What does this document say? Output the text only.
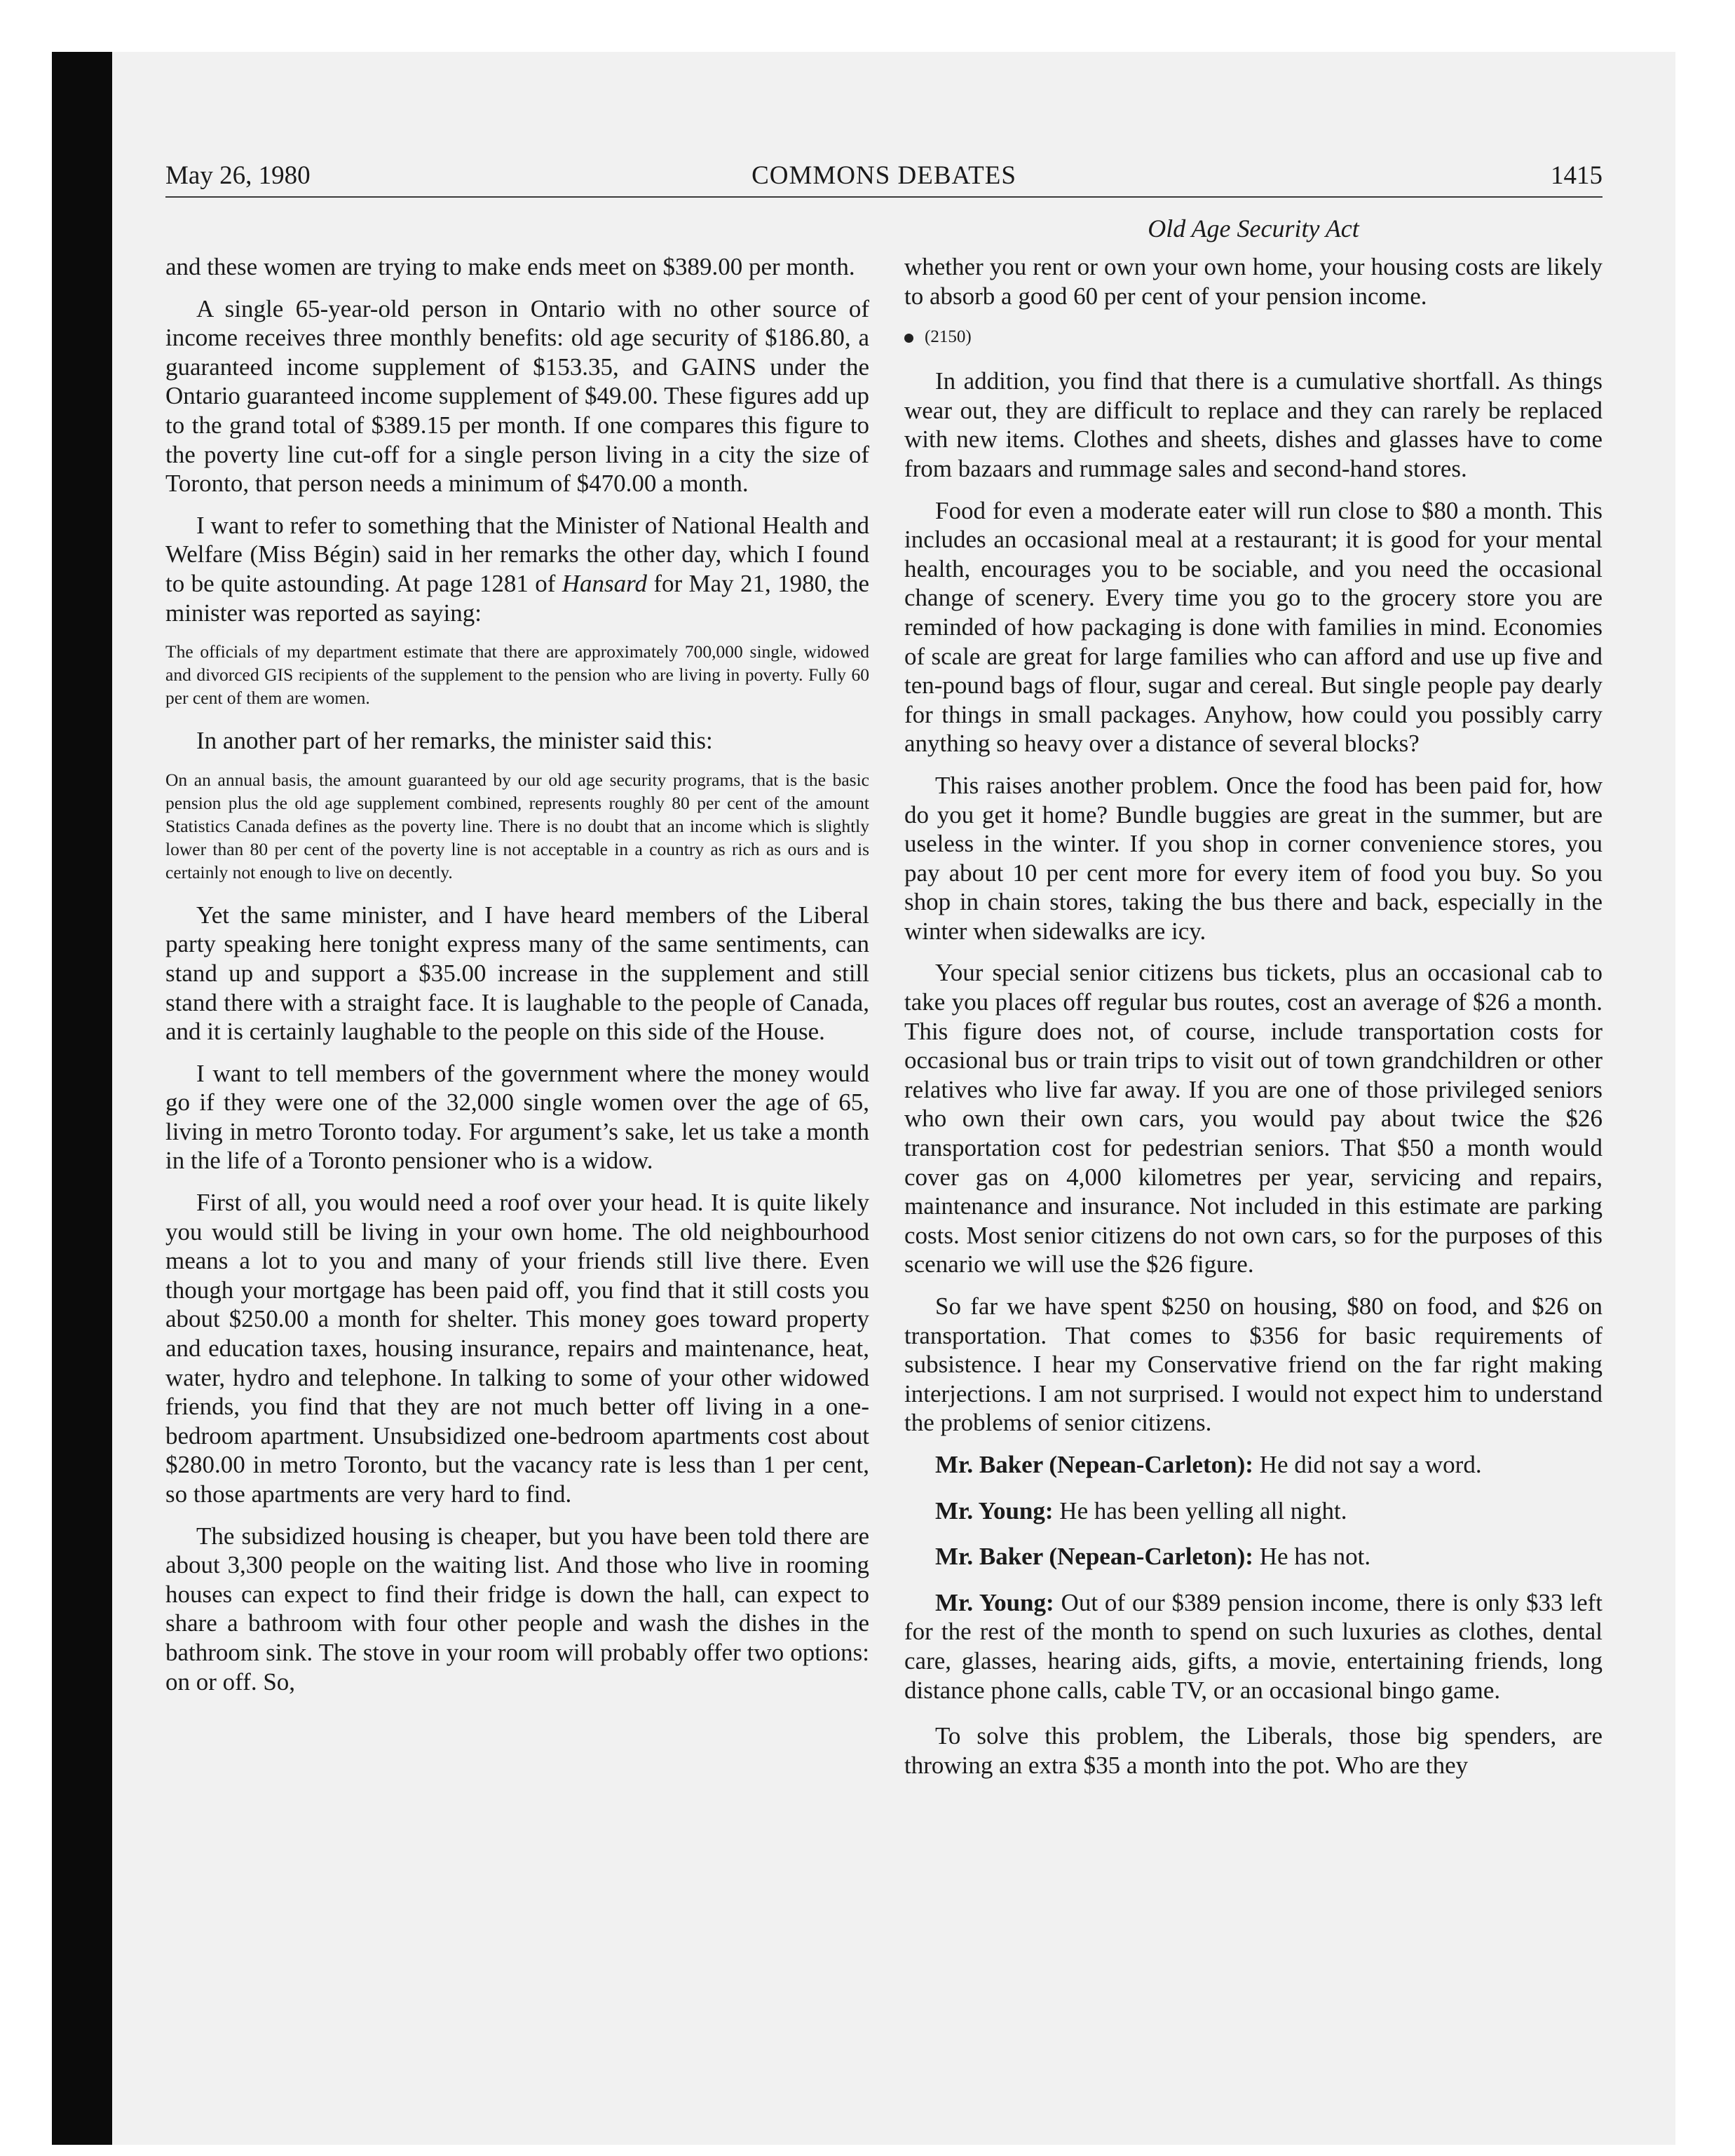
May 26, 1980	COMMONS DEBATES	1415
Old Age Security Act

and these women are trying to make ends meet on $389.00 per month.

A single 65-year-old person in Ontario with no other source of income receives three monthly benefits: old age security of $186.80, a guaranteed income supplement of $153.35, and GAINS under the Ontario guaranteed income supplement of $49.00. These figures add up to the grand total of $389.15 per month. If one compares this figure to the poverty line cut-off for a single person living in a city the size of Toronto, that person needs a minimum of $470.00 a month.

I want to refer to something that the Minister of National Health and Welfare (Miss Bégin) said in her remarks the other day, which I found to be quite astounding. At page 1281 of Hansard for May 21, 1980, the minister was reported as saying:

The officials of my department estimate that there are approximately 700,000 single, widowed and divorced GIS recipients of the supplement to the pension who are living in poverty. Fully 60 per cent of them are women.

In another part of her remarks, the minister said this:

On an annual basis, the amount guaranteed by our old age security programs, that is the basic pension plus the old age supplement combined, represents roughly 80 per cent of the amount Statistics Canada defines as the poverty line. There is no doubt that an income which is slightly lower than 80 per cent of the poverty line is not acceptable in a country as rich as ours and is certainly not enough to live on decently.

Yet the same minister, and I have heard members of the Liberal party speaking here tonight express many of the same sentiments, can stand up and support a $35.00 increase in the supplement and still stand there with a straight face. It is laughable to the people of Canada, and it is certainly laughable to the people on this side of the House.

I want to tell members of the government where the money would go if they were one of the 32,000 single women over the age of 65, living in metro Toronto today. For argument’s sake, let us take a month in the life of a Toronto pensioner who is a widow.

First of all, you would need a roof over your head. It is quite likely you would still be living in your own home. The old neighbourhood means a lot to you and many of your friends still live there. Even though your mortgage has been paid off, you find that it still costs you about $250.00 a month for shelter. This money goes toward property and education taxes, housing insurance, repairs and maintenance, heat, water, hydro and telephone. In talking to some of your other widowed friends, you find that they are not much better off living in a one-bedroom apartment. Unsubsidized one-bedroom apartments cost about $280.00 in metro Toronto, but the vacancy rate is less than 1 per cent, so those apartments are very hard to find.

The subsidized housing is cheaper, but you have been told there are about 3,300 people on the waiting list. And those who live in rooming houses can expect to find their fridge is down the hall, can expect to share a bathroom with four other people and wash the dishes in the bathroom sink. The stove in your room will probably offer two options: on or off. So,

whether you rent or own your own home, your housing costs are likely to absorb a good 60 per cent of your pension income.

(2150)

In addition, you find that there is a cumulative shortfall. As things wear out, they are difficult to replace and they can rarely be replaced with new items. Clothes and sheets, dishes and glasses have to come from bazaars and rummage sales and second-hand stores.

Food for even a moderate eater will run close to $80 a month. This includes an occasional meal at a restaurant; it is good for your mental health, encourages you to be sociable, and you need the occasional change of scenery. Every time you go to the grocery store you are reminded of how packaging is done with families in mind. Economies of scale are great for large families who can afford and use up five and ten-pound bags of flour, sugar and cereal. But single people pay dearly for things in small packages. Anyhow, how could you possibly carry anything so heavy over a distance of several blocks?

This raises another problem. Once the food has been paid for, how do you get it home? Bundle buggies are great in the summer, but are useless in the winter. If you shop in corner convenience stores, you pay about 10 per cent more for every item of food you buy. So you shop in chain stores, taking the bus there and back, especially in the winter when sidewalks are icy.

Your special senior citizens bus tickets, plus an occasional cab to take you places off regular bus routes, cost an average of $26 a month. This figure does not, of course, include transportation costs for occasional bus or train trips to visit out of town grandchildren or other relatives who live far away. If you are one of those privileged seniors who own their own cars, you would pay about twice the $26 transportation cost for pedestrian seniors. That $50 a month would cover gas on 4,000 kilometres per year, servicing and repairs, maintenance and insurance. Not included in this estimate are parking costs. Most senior citizens do not own cars, so for the purposes of this scenario we will use the $26 figure.

So far we have spent $250 on housing, $80 on food, and $26 on transportation. That comes to $356 for basic requirements of subsistence. I hear my Conservative friend on the far right making interjections. I am not surprised. I would not expect him to understand the problems of senior citizens.

Mr. Baker (Nepean-Carleton): He did not say a word.

Mr. Young: He has been yelling all night.

Mr. Baker (Nepean-Carleton): He has not.

Mr. Young: Out of our $389 pension income, there is only $33 left for the rest of the month to spend on such luxuries as clothes, dental care, glasses, hearing aids, gifts, a movie, entertaining friends, long distance phone calls, cable TV, or an occasional bingo game.

To solve this problem, the Liberals, those big spenders, are throwing an extra $35 a month into the pot. Who are they
